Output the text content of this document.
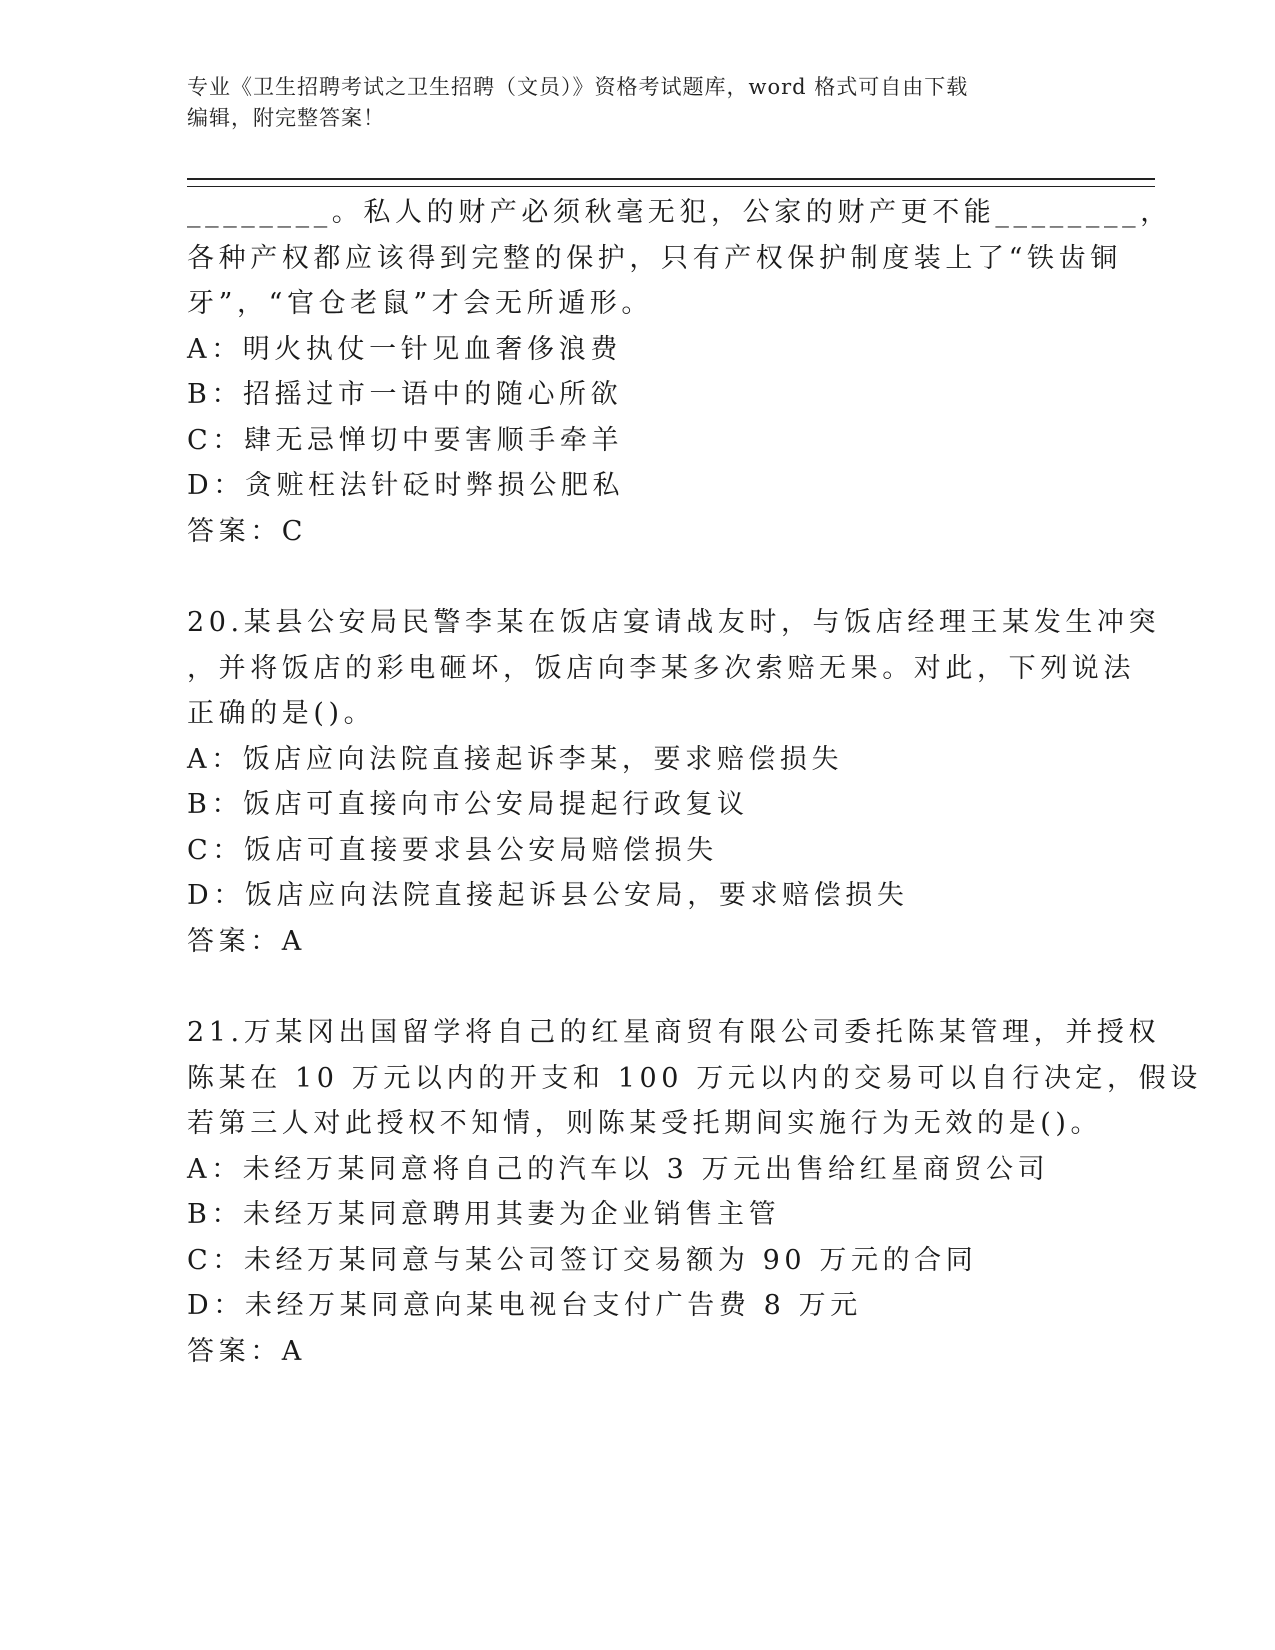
专业《卫生招聘考试之卫生招聘（文员）》资格考试题库，word 格式可自由下载
编辑，附完整答案！
________。私人的财产必须秋毫无犯，公家的财产更不能________，
各种产权都应该得到完整的保护，只有产权保护制度装上了“铁齿铜
牙”，“官仓老鼠”才会无所遁形。
A：明火执仗一针见血奢侈浪费
B：招摇过市一语中的随心所欲
C：肆无忌惮切中要害顺手牵羊
D：贪赃枉法针砭时弊损公肥私
答案：C
20.某县公安局民警李某在饭店宴请战友时，与饭店经理王某发生冲突
，并将饭店的彩电砸坏，饭店向李某多次索赔无果。对此，下列说法
正确的是()。
A：饭店应向法院直接起诉李某，要求赔偿损失
B：饭店可直接向市公安局提起行政复议
C：饭店可直接要求县公安局赔偿损失
D：饭店应向法院直接起诉县公安局，要求赔偿损失
答案：A
21.万某冈出国留学将自己的红星商贸有限公司委托陈某管理，并授权
陈某在 10 万元以内的开支和 100 万元以内的交易可以自行决定，假设
若第三人对此授权不知情，则陈某受托期间实施行为无效的是()。
A：未经万某同意将自己的汽车以 3 万元出售给红星商贸公司
B：未经万某同意聘用其妻为企业销售主管
C：未经万某同意与某公司签订交易额为 90 万元的合同
D：未经万某同意向某电视台支付广告费 8 万元
答案：A
